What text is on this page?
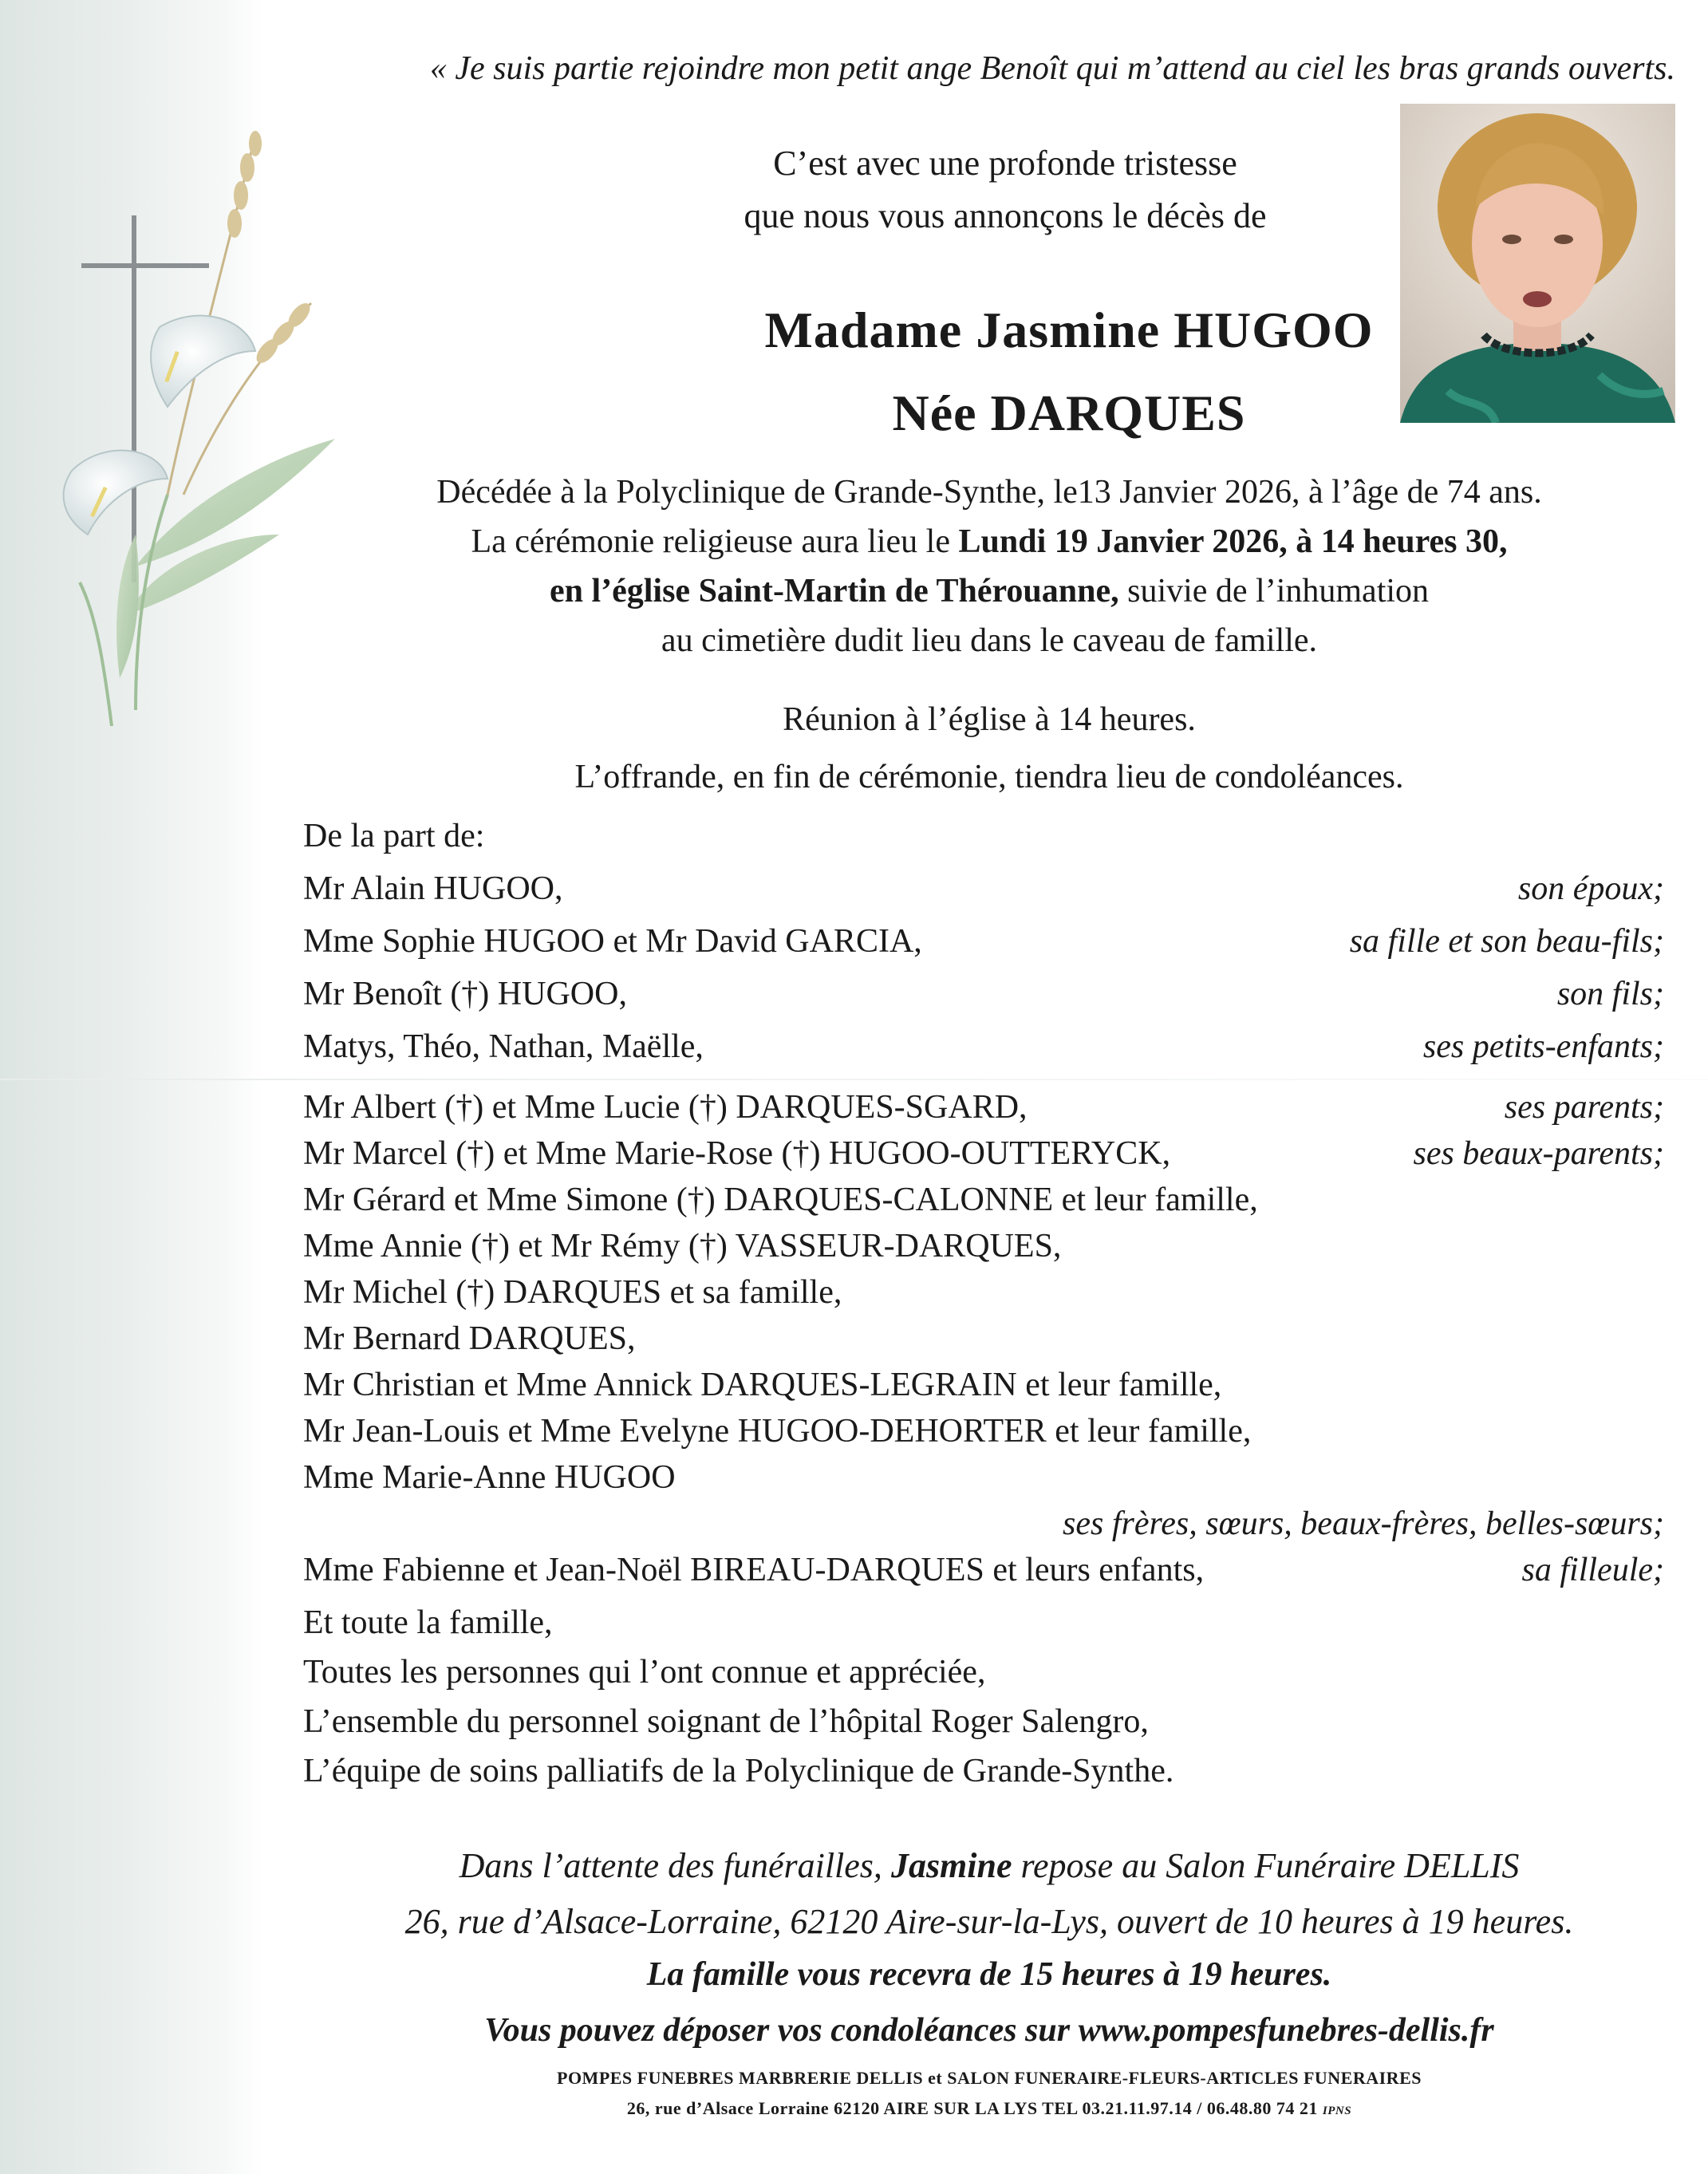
« Je suis partie rejoindre mon petit ange Benoît qui m’attend au ciel les bras grands ouverts.
C’est avec une profonde tristesse
que nous vous annonçons le décès de
Madame Jasmine HUGOO
Née DARQUES
Décédée à la Polyclinique de Grande-Synthe, le13 Janvier 2026, à l’âge de 74 ans.
La cérémonie religieuse aura lieu le Lundi 19 Janvier 2026, à 14 heures 30,
en l’église Saint-Martin de Thérouanne, suivie de l’inhumation
au cimetière dudit lieu dans le caveau de famille.
Réunion à l’église à 14 heures.
L’offrande, en fin de cérémonie, tiendra lieu de condoléances.
De la part de:
Mr Alain HUGOO,	son époux;
Mme Sophie HUGOO et Mr David GARCIA,	sa fille et son beau-fils;
Mr Benoît (†) HUGOO,	son fils;
Matys, Théo, Nathan, Maëlle,	ses petits-enfants;
Mr Albert (†) et Mme Lucie (†) DARQUES-SGARD,	ses parents;
Mr Marcel (†) et Mme Marie-Rose (†) HUGOO-OUTTERYCK,	ses beaux-parents;
Mr Gérard et Mme Simone (†) DARQUES-CALONNE et leur famille,
Mme Annie (†) et Mr Rémy (†) VASSEUR-DARQUES,
Mr Michel (†) DARQUES et sa famille,
Mr Bernard DARQUES,
Mr Christian et Mme Annick DARQUES-LEGRAIN et leur famille,
Mr Jean-Louis et Mme Evelyne HUGOO-DEHORTER et leur famille,
Mme Marie-Anne HUGOO
ses frères, sœurs, beaux-frères, belles-sœurs;
Mme Fabienne et Jean-Noël BIREAU-DARQUES et leurs enfants,	sa filleule;
Et toute la famille,
Toutes les personnes qui l’ont connue et appréciée,
L’ensemble du personnel soignant de l’hôpital Roger Salengro,
L’équipe de soins palliatifs de la Polyclinique de Grande-Synthe.
Dans l’attente des funérailles, Jasmine repose au Salon Funéraire DELLIS
26, rue d’Alsace-Lorraine, 62120 Aire-sur-la-Lys, ouvert de 10 heures à 19 heures.
La famille vous recevra de 15 heures à 19 heures.
Vous pouvez déposer vos condoléances sur www.pompesfunebres-dellis.fr
POMPES FUNEBRES MARBRERIE DELLIS et SALON FUNERAIRE-FLEURS-ARTICLES FUNERAIRES
26, rue d’Alsace Lorraine 62120 AIRE SUR LA LYS TEL 03.21.11.97.14 / 06.48.80 74 21 IPNS
